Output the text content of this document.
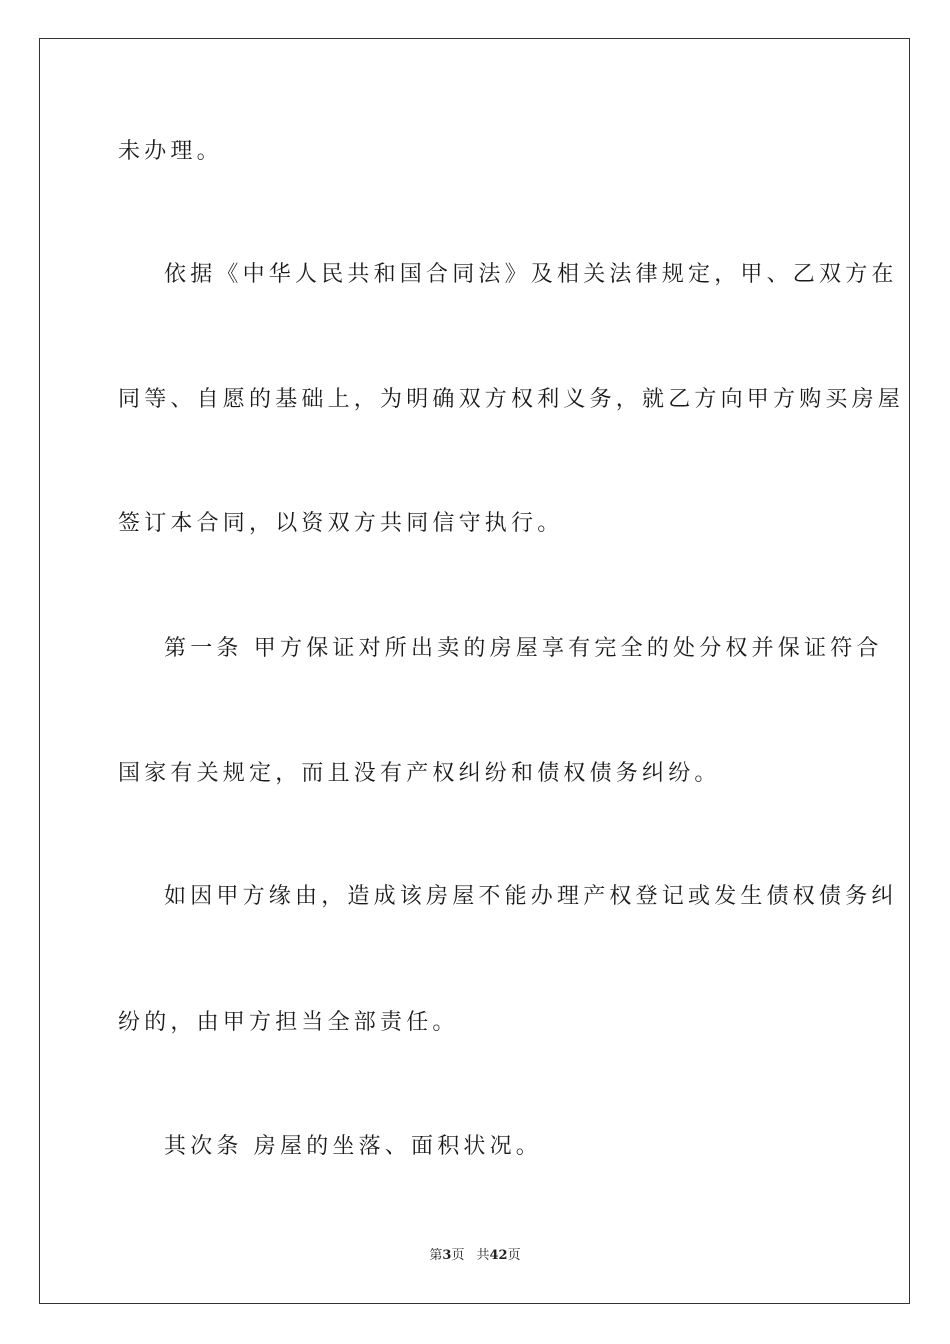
未办理。
依据《中华人民共和国合同法》及相关法律规定，甲、乙双方在
同等、自愿的基础上，为明确双方权利义务，就乙方向甲方购买房屋
签订本合同，以资双方共同信守执行。
第一条 甲方保证对所出卖的房屋享有完全的处分权并保证符合
国家有关规定，而且没有产权纠纷和债权债务纠纷。
如因甲方缘由，造成该房屋不能办理产权登记或发生债权债务纠
纷的，由甲方担当全部责任。
其次条 房屋的坐落、面积状况。
第3页 共42页
